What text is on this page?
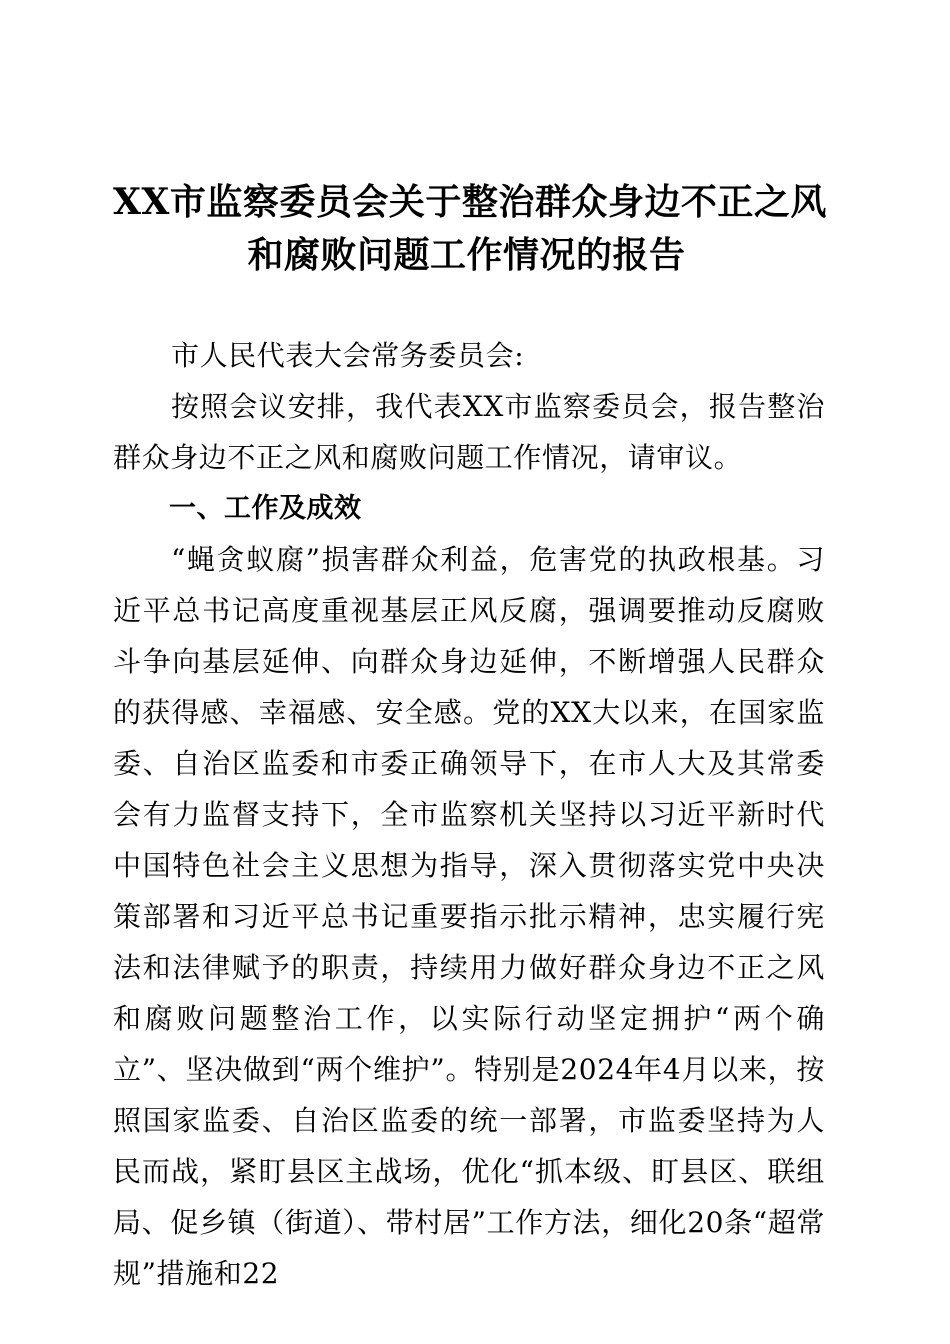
XX市监察委员会关于整治群众身边不正之风
和腐败问题工作情况的报告

市人民代表大会常务委员会:

按照会议安排，我代表XX市监察委员会，报告整治群众身边不正之风和腐败问题工作情况，请审议。

一、工作及成效

“蝇贪蚁腐”损害群众利益，危害党的执政根基。习近平总书记高度重视基层正风反腐，强调要推动反腐败斗争向基层延伸、向群众身边延伸，不断增强人民群众的获得感、幸福感、安全感。党的XX大以来，在国家监委、自治区监委和市委正确领导下，在市人大及其常委会有力监督支持下，全市监察机关坚持以习近平新时代中国特色社会主义思想为指导，深入贯彻落实党中央决策部署和习近平总书记重要指示批示精神，忠实履行宪法和法律赋予的职责，持续用力做好群众身边不正之风和腐败问题整治工作，以实际行动坚定拥护“两个确立”、坚决做到“两个维护”。特别是2024年4月以来，按照国家监委、自治区监委的统一部署，市监委坚持为人民而战，紧盯县区主战场，优化“抓本级、盯县区、联组局、促乡镇（街道）、带村居”工作方法，细化20条“超常规”措施和22
